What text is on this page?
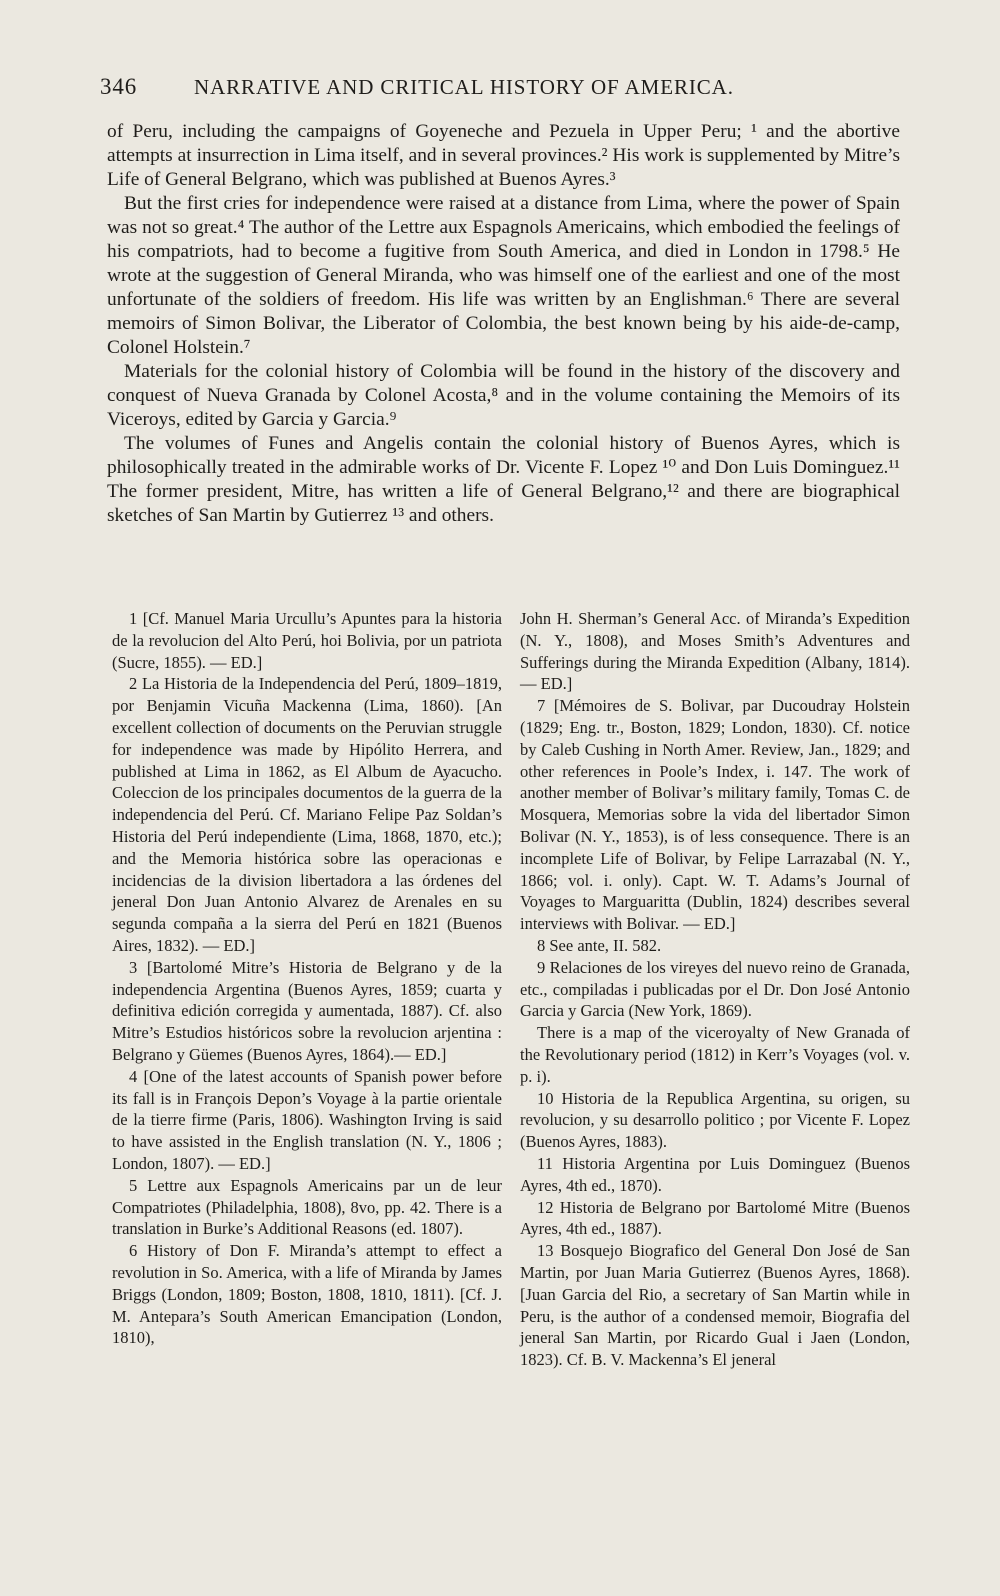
346	NARRATIVE AND CRITICAL HISTORY OF AMERICA.

of Peru, including the campaigns of Goyeneche and Pezuela in Upper Peru; ¹ and the abortive attempts at insurrection in Lima itself, and in several provinces.² His work is supplemented by Mitre’s Life of General Belgrano, which was published at Buenos Ayres.³

But the first cries for independence were raised at a distance from Lima, where the power of Spain was not so great.⁴ The author of the Lettre aux Espagnols Americains, which embodied the feelings of his compatriots, had to become a fugitive from South America, and died in London in 1798.⁵ He wrote at the suggestion of General Miranda, who was himself one of the earliest and one of the most unfortunate of the soldiers of freedom. His life was written by an Englishman.⁶ There are several memoirs of Simon Bolivar, the Liberator of Colombia, the best known being by his aide-de-camp, Colonel Holstein.⁷

Materials for the colonial history of Colombia will be found in the history of the discovery and conquest of Nueva Granada by Colonel Acosta,⁸ and in the volume containing the Memoirs of its Viceroys, edited by Garcia y Garcia.⁹

The volumes of Funes and Angelis contain the colonial history of Buenos Ayres, which is philosophically treated in the admirable works of Dr. Vicente F. Lopez ¹⁰ and Don Luis Dominguez.¹¹ The former president, Mitre, has written a life of General Belgrano,¹² and there are biographical sketches of San Martin by Gutierrez ¹³ and others.

1 [Cf. Manuel Maria Urcullu’s Apuntes para la historia de la revolucion del Alto Perú, hoi Bolivia, por un patriota (Sucre, 1855). — ED.]

2 La Historia de la Independencia del Perú, 1809–1819, por Benjamin Vicuña Mackenna (Lima, 1860). [An excellent collection of documents on the Peruvian struggle for independence was made by Hipólito Herrera, and published at Lima in 1862, as El Album de Ayacucho. Coleccion de los principales documentos de la guerra de la independencia del Perú. Cf. Mariano Felipe Paz Soldan’s Historia del Perú independiente (Lima, 1868, 1870, etc.); and the Memoria histórica sobre las operacionas e incidencias de la division libertadora a las órdenes del jeneral Don Juan Antonio Alvarez de Arenales en su segunda compaña a la sierra del Perú en 1821 (Buenos Aires, 1832). — ED.]

3 [Bartolomé Mitre’s Historia de Belgrano y de la independencia Argentina (Buenos Ayres, 1859; cuarta y definitiva edición corregida y aumentada, 1887). Cf. also Mitre’s Estudios históricos sobre la revolucion arjentina : Belgrano y Güemes (Buenos Ayres, 1864).— ED.]

4 [One of the latest accounts of Spanish power before its fall is in François Depon’s Voyage à la partie orientale de la tierre firme (Paris, 1806). Washington Irving is said to have assisted in the English translation (N. Y., 1806 ; London, 1807). — ED.]

5 Lettre aux Espagnols Americains par un de leur Compatriotes (Philadelphia, 1808), 8vo, pp. 42. There is a translation in Burke’s Additional Reasons (ed. 1807).

6 History of Don F. Miranda’s attempt to effect a revolution in So. America, with a life of Miranda by James Briggs (London, 1809; Boston, 1808, 1810, 1811). [Cf. J. M. Antepara’s South American Emancipation (London, 1810),

John H. Sherman’s General Acc. of Miranda’s Expedition (N. Y., 1808), and Moses Smith’s Adventures and Sufferings during the Miranda Expedition (Albany, 1814).— ED.]

7 [Mémoires de S. Bolivar, par Ducoudray Holstein (1829; Eng. tr., Boston, 1829; London, 1830). Cf. notice by Caleb Cushing in North Amer. Review, Jan., 1829; and other references in Poole’s Index, i. 147. The work of another member of Bolivar’s military family, Tomas C. de Mosquera, Memorias sobre la vida del libertador Simon Bolivar (N. Y., 1853), is of less consequence. There is an incomplete Life of Bolivar, by Felipe Larrazabal (N. Y., 1866; vol. i. only). Capt. W. T. Adams’s Journal of Voyages to Marguaritta (Dublin, 1824) describes several interviews with Bolivar. — ED.]

8 See ante, II. 582.

9 Relaciones de los vireyes del nuevo reino de Granada, etc., compiladas i publicadas por el Dr. Don José Antonio Garcia y Garcia (New York, 1869).

There is a map of the viceroyalty of New Granada of the Revolutionary period (1812) in Kerr’s Voyages (vol. v. p. i).

10 Historia de la Republica Argentina, su origen, su revolucion, y su desarrollo politico ; por Vicente F. Lopez (Buenos Ayres, 1883).

11 Historia Argentina por Luis Dominguez (Buenos Ayres, 4th ed., 1870).

12 Historia de Belgrano por Bartolomé Mitre (Buenos Ayres, 4th ed., 1887).

13 Bosquejo Biografico del General Don José de San Martin, por Juan Maria Gutierrez (Buenos Ayres, 1868). [Juan Garcia del Rio, a secretary of San Martin while in Peru, is the author of a condensed memoir, Biografia del jeneral San Martin, por Ricardo Gual i Jaen (London, 1823). Cf. B. V. Mackenna’s El jeneral
